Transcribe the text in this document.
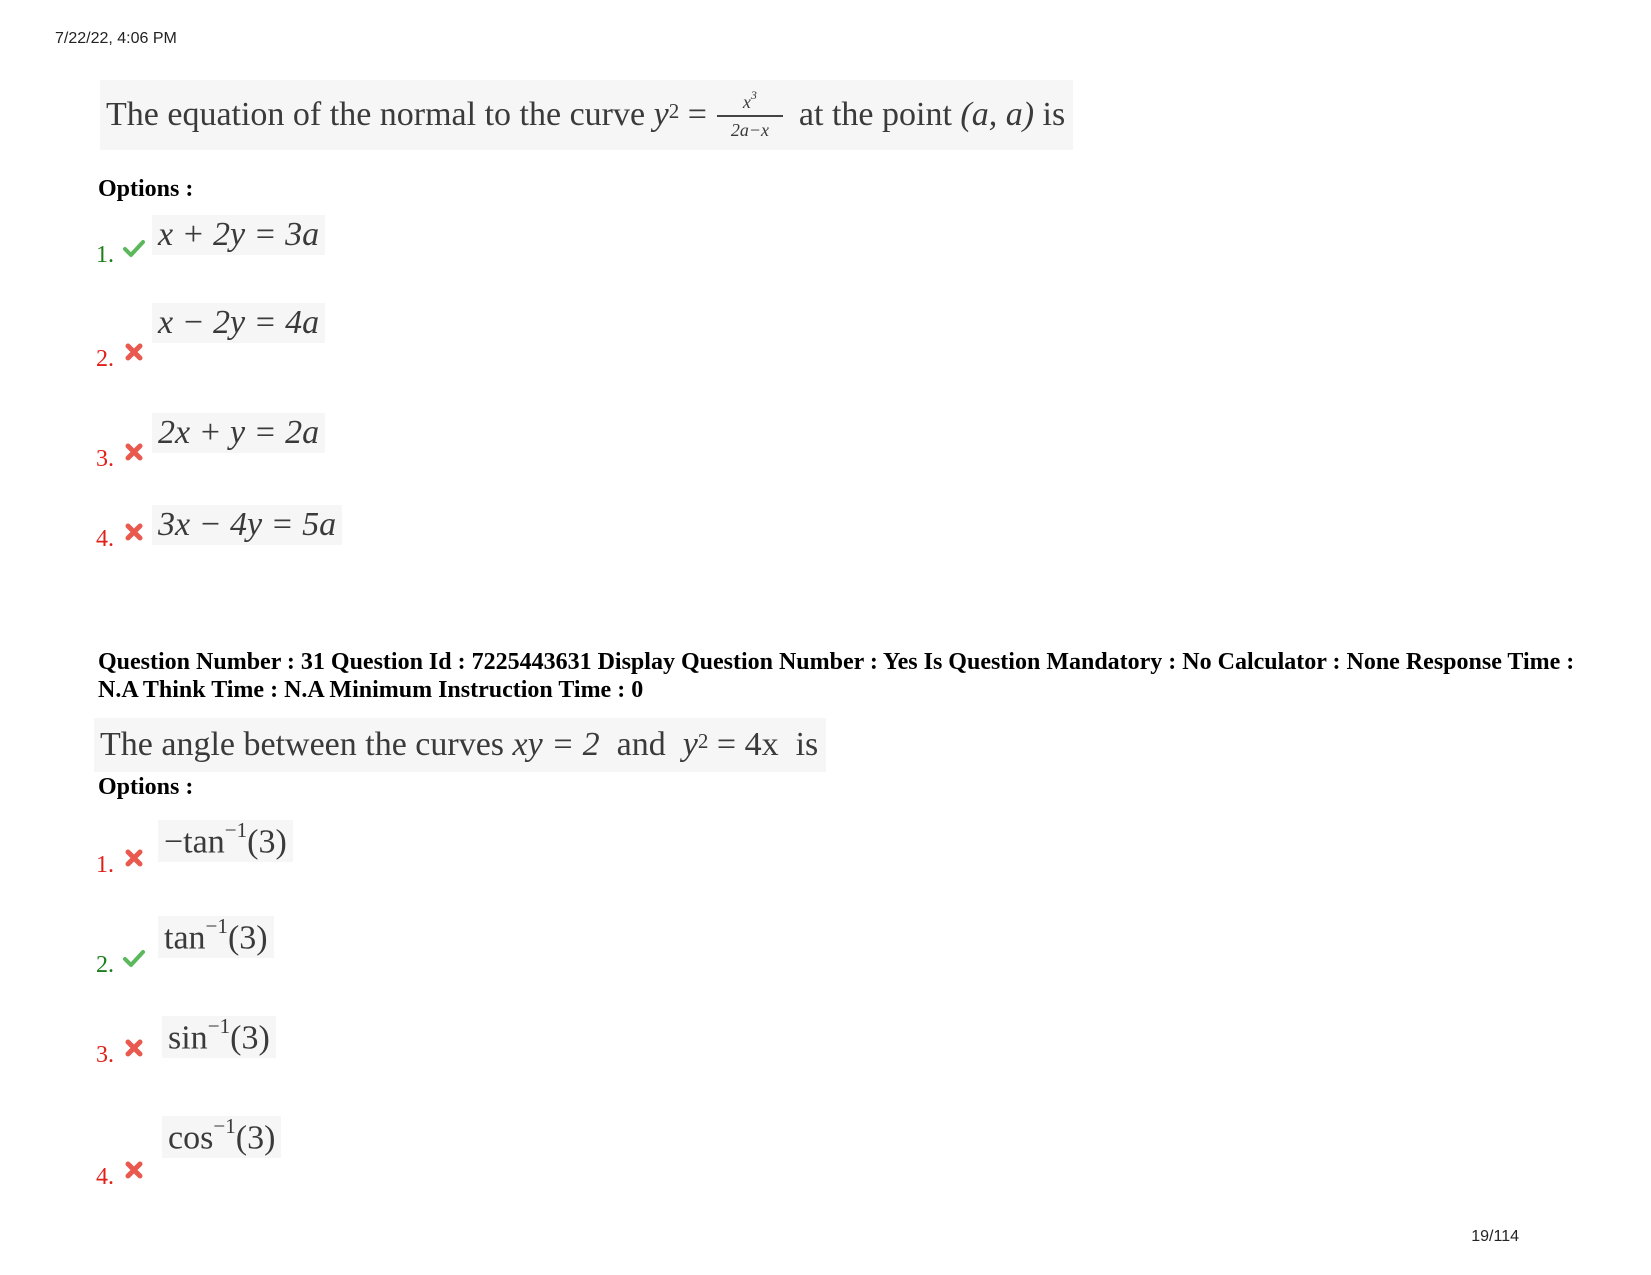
7/22/22, 4:06 PM
The equation of the normal to the curve
$y^2$
= $\frac{x^3}{2a-x}$ at the point
(a, a)
is
Options :
1.
x + 2y = 3a
2.
x − 2y = 4a
3.
2x + y = 2a
4. 3x − 4y = 5a
Question Number : 31 Question Id : 7225443631 Display Question Number : Yes Is Question Mandatory : No Calculator : None Response Time : N.A Think Time : N.A Minimum Instruction Time : 0
The angle between the curves
xy = 2
and
$y^2$
= 4x
is
Options :
1.
$-\tan^{-1}(3)$
2.
$\tan^{-1}(3)$
3. $\sin^{-1}(3)$
4.
$\cos^{-1}(3)$
19/114
